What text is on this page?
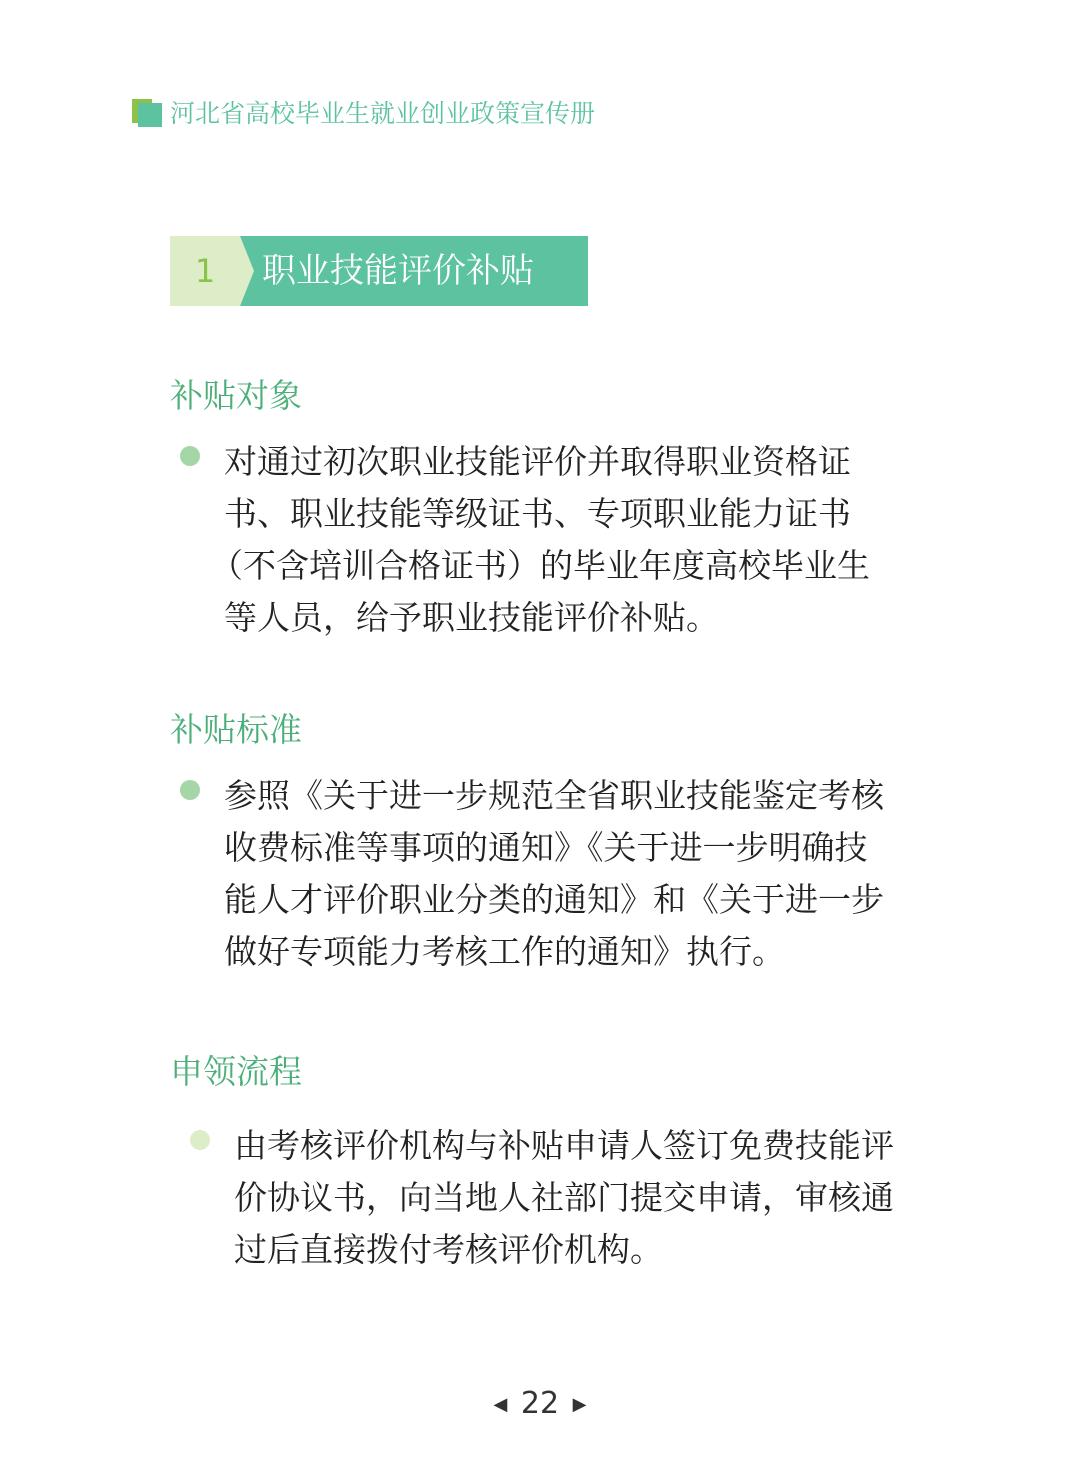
河北省高校毕业生就业创业政策宣传册
1	职业技能评价补贴
补贴对象
对通过初次职业技能评价并取得职业资格证
书、职业技能等级证书、专项职业能力证书
（不含培训合格证书）的毕业年度高校毕业生
等人员，给予职业技能评价补贴。
补贴标准
参照《关于进一步规范全省职业技能鉴定考核
收费标准等事项的通知》《关于进一步明确技
能人才评价职业分类的通知》和《关于进一步
做好专项能力考核工作的通知》执行。
申领流程
由考核评价机构与补贴申请人签订免费技能评
价协议书，向当地人社部门提交申请，审核通
过后直接拨付考核评价机构。
◀ 22 ▶
